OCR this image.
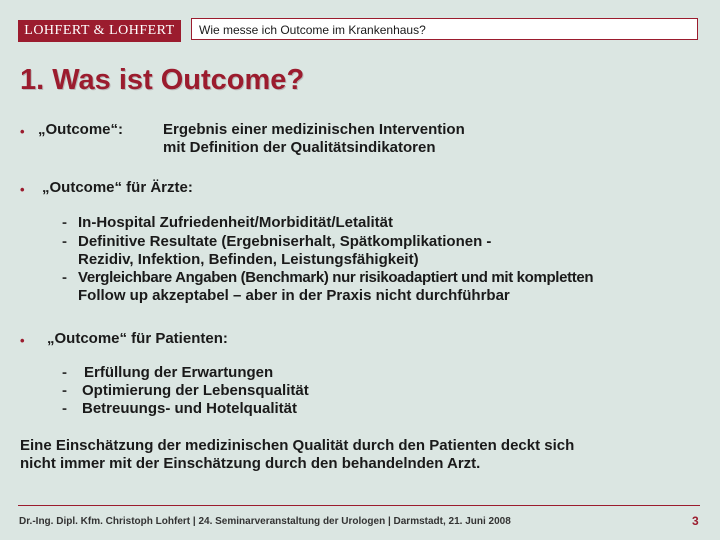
LOHFERT & LOHFERT	Wie messe ich Outcome im Krankenhaus?
1. Was ist Outcome?
• „Outcome“:	Ergebnis einer medizinischen Intervention
mit Definition der Qualitätsindikatoren
• „Outcome“ für Ärzte:
- In-Hospital Zufriedenheit/Morbidität/Letalität
- Definitive Resultate (Ergebniserhalt, Spätkomplikationen -
Rezidiv, Infektion, Befinden, Leistungsfähigkeit)
- Vergleichbare Angaben (Benchmark) nur risikoadaptiert und mit kompletten
Follow up akzeptabel – aber in der Praxis nicht durchführbar
• „Outcome“ für Patienten:
- Erfüllung der Erwartungen
- Optimierung der Lebensqualität
- Betreuungs- und Hotelqualität
Eine Einschätzung der medizinischen Qualität durch den Patienten deckt sich
nicht immer mit der Einschätzung durch den behandelnden Arzt.
Dr.-Ing. Dipl. Kfm. Christoph Lohfert | 24. Seminarveranstaltung der Urologen | Darmstadt, 21. Juni 2008	3
